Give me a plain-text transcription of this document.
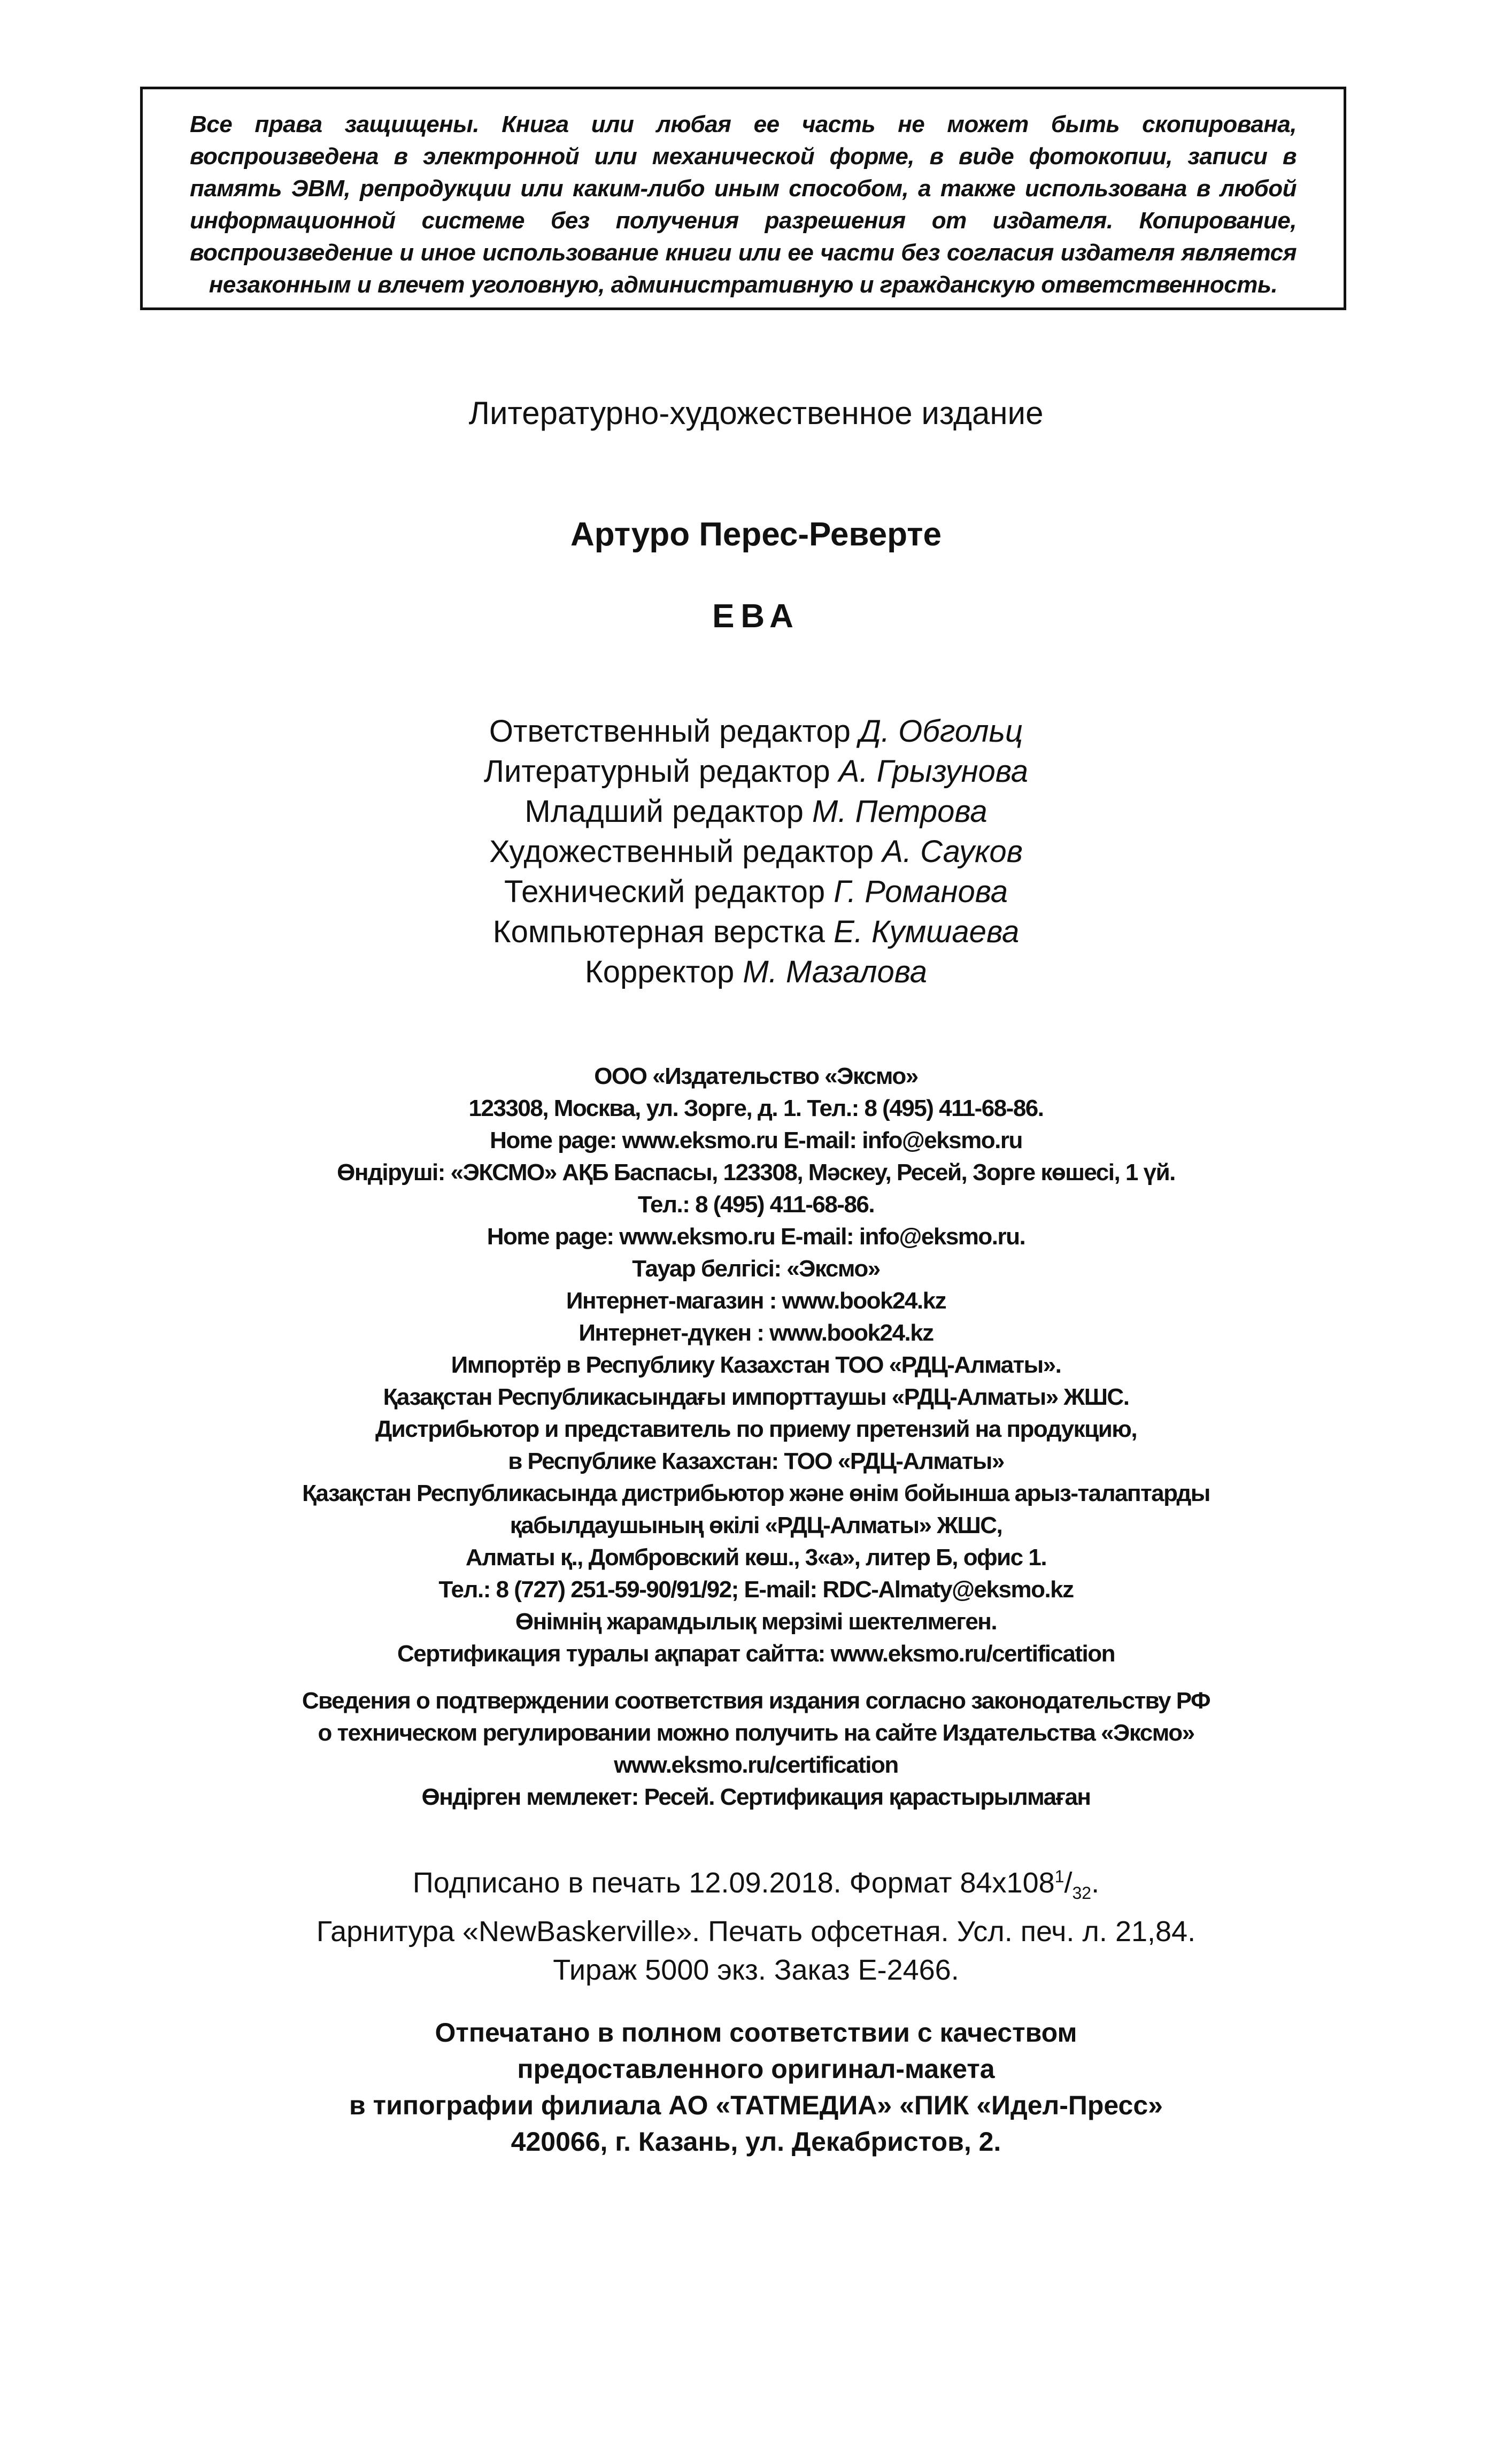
Все права защищены. Книга или любая ее часть не может быть скопирована, воспроизведена в электронной или механической форме, в виде фотокопии, записи в память ЭВМ, репродукции или каким-либо иным способом, а также использована в любой информационной системе без получения разрешения от издателя. Копирование, воспроизведение и иное использование книги или ее части без согласия издателя является незаконным и влечет уголовную, административную и гражданскую ответственность.

Литературно-художественное издание

Артуро Перес-Реверте

ЕВА

Ответственный редактор Д. Обгольц
Литературный редактор А. Грызунова
Младший редактор М. Петрова
Художественный редактор А. Сауков
Технический редактор Г. Романова
Компьютерная верстка Е. Кумшаева
Корректор М. Мазалова
ООО «Издательство «Эксмо»
123308, Москва, ул. Зорге, д. 1. Тел.: 8 (495) 411-68-86.
Home page: www.eksmo.ru E-mail: info@eksmo.ru
Өндіруші: «ЭКСМО» АҚБ Баспасы, 123308, Мәскеу, Ресей, Зорге көшесі, 1 үй.
Тел.: 8 (495) 411-68-86.
Home page: www.eksmo.ru E-mail: info@eksmo.ru.
Тауар белгісі: «Эксмо»
Интернет-магазин : www.book24.kz
Интернет-дүкен : www.book24.kz
Импортёр в Республику Казахстан ТОО «РДЦ-Алматы».
Қазақстан Республикасындағы импорттаушы «РДЦ-Алматы» ЖШС.
Дистрибьютор и представитель по приему претензий на продукцию,
в Республике Казахстан: ТОО «РДЦ-Алматы»
Қазақстан Республикасында дистрибьютор және өнім бойынша арыз-талаптарды
қабылдаушының өкілі «РДЦ-Алматы» ЖШС,
Алматы қ., Домбровский көш., 3«а», литер Б, офис 1.
Тел.: 8 (727) 251-59-90/91/92; E-mail: RDC-Almaty@eksmo.kz
Өнімнің жарамдылық мерзімі шектелмеген.
Сертификация туралы ақпарат сайтта: www.eksmo.ru/certification
Сведения о подтверждении соответствия издания согласно законодательству РФ
о техническом регулировании можно получить на сайте Издательства «Эксмо»
www.eksmo.ru/certification
Өндірген мемлекет: Ресей. Сертификация қарастырылмаған
Подписано в печать 12.09.2018. Формат $84x108^1/_{32}$.
Гарнитура «NewBaskerville». Печать офсетная. Усл. печ. л. 21,84.
Тираж 5000 экз. Заказ Е-2466.
Отпечатано в полном соответствии с качеством
предоставленного оригинал-макета
в типографии филиала АО «ТАТМЕДИА» «ПИК «Идел-Пресс»
420066, г. Казань, ул. Декабристов, 2.
